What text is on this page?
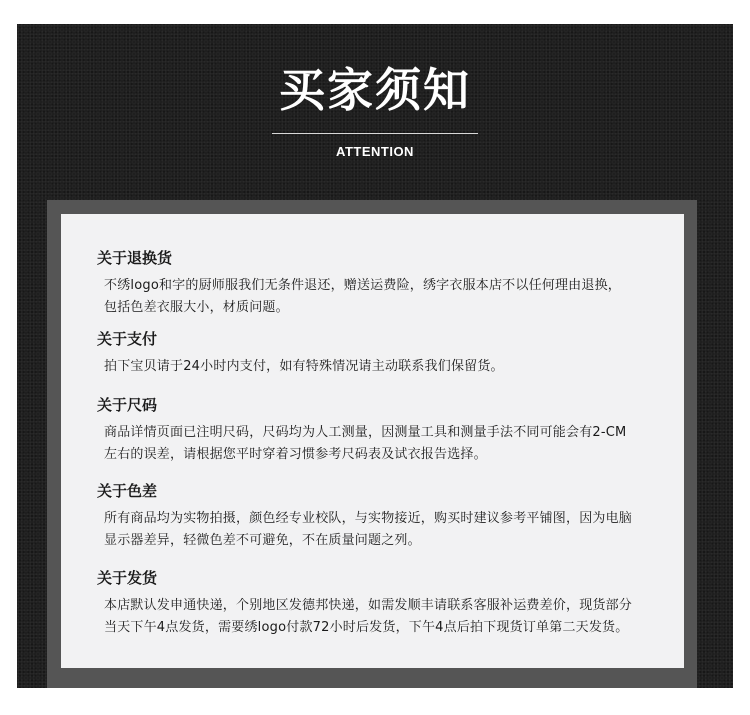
买家须知
ATTENTION
关于退换货
不绣logo和字的厨师服我们无条件退还，赠送运费险，绣字衣服本店不以任何理由退换，
包括色差衣服大小，材质问题。
关于支付
拍下宝贝请于24小时内支付，如有特殊情况请主动联系我们保留货。
关于尺码
商品详情页面已注明尺码，尺码均为人工测量，因测量工具和测量手法不同可能会有2-CM
左右的误差，请根据您平时穿着习惯参考尺码表及试衣报告选择。
关于色差
所有商品均为实物拍摄，颜色经专业校队，与实物接近，购买时建议参考平铺图，因为电脑
显示器差异，轻微色差不可避免，不在质量问题之列。
关于发货
本店默认发申通快递，个别地区发德邦快递，如需发顺丰请联系客服补运费差价，现货部分
当天下午4点发货，需要绣logo付款72小时后发货，下午4点后拍下现货订单第二天发货。
